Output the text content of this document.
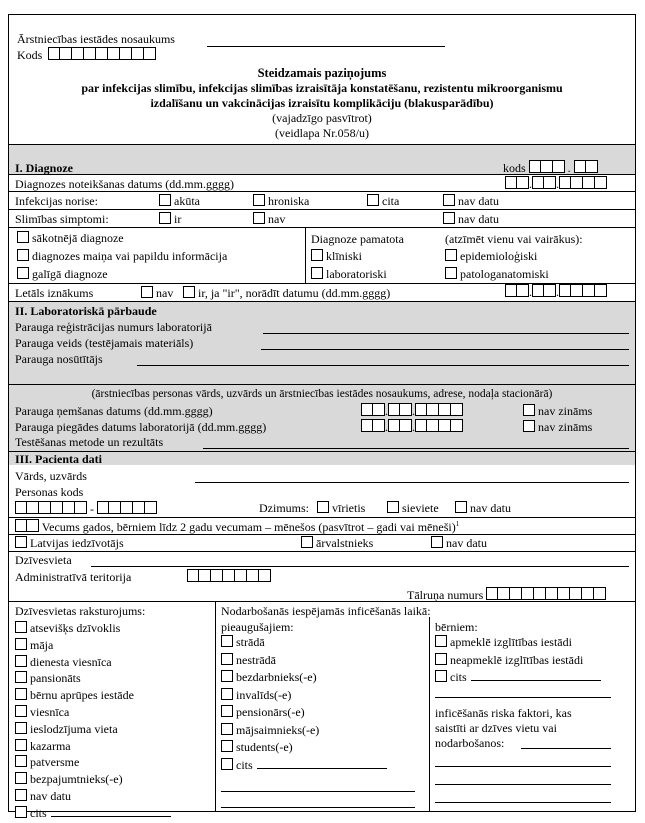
Ārstniecības iestādes nosaukums
Kods
Steidzamais paziņojums
par infekcijas slimību, infekcijas slimības izraisītāja konstatēšanu, rezistentu mikroorganismu
izdalīšanu un vakcinācijas izraisītu komplikāciju (blakusparādību)
(vajadzīgo pasvītrot)
(veidlapa Nr.058/u)
I. Diagnoze	kods	.
Diagnozes noteikšanas datums (dd.mm.gggg)	. .
Infekcijas norise:	akūta	hroniska	cita	nav datu
Slimības simptomi:	ir	nav	nav datu
sākotnējā diagnoze
diagnozes maiņa vai papildu informācija
galīgā diagnoze
Diagnoze pamatota	(atzīmēt vienu vai vairākus):
klīniski	epidemioloģiski
laboratoriski	patologanatomiski
Letāls iznākums	nav	ir, ja "ir", norādīt datumu (dd.mm.gggg)	. .
II. Laboratoriskā pārbaude
Parauga reģistrācijas numurs laboratorijā
Parauga veids (testējamais materiāls)
Parauga nosūtītājs
(ārstniecības personas vārds, uzvārds un ārstniecības iestādes nosaukums, adrese, nodaļa stacionārā)
Parauga ņemšanas datums (dd.mm.gggg)	. .	nav zināms
Parauga piegādes datums laboratorijā (dd.mm.gggg)	. .	nav zināms
Testēšanas metode un rezultāts
III. Pacienta dati
Vārds, uzvārds
Personas kods
-	Dzimums:	vīrietis	sieviete	nav datu
Vecums gados, bērniem līdz 2 gadu vecumam – mēnešos (pasvītrot – gadi vai mēneši)$^1$
Latvijas iedzīvotājs	ārvalstnieks	nav datu
Dzīvesvieta
Administratīvā teritorija
Tālruņa numurs
Dzīvesvietas raksturojums:
atsevišķs dzīvoklis
māja
dienesta viesnīca
pansionāts
bērnu aprūpes iestāde
viesnīca
ieslodzījuma vieta
kazarma
patversme
bezpajumtnieks(-e)
nav datu
cits
Nodarbošanās iespējamās inficēšanās laikā:
pieaugušajiem:
strādā
nestrādā
bezdarbnieks(-e)
invalīds(-e)
pensionārs(-e)
mājsaimnieks(-e)
students(-e)
cits
bērniem:
apmeklē izglītības iestādi
neapmeklē izglītības iestādi
cits
inficēšanās riska faktori, kas
saistīti ar dzīves vietu vai
nodarbošanos:
